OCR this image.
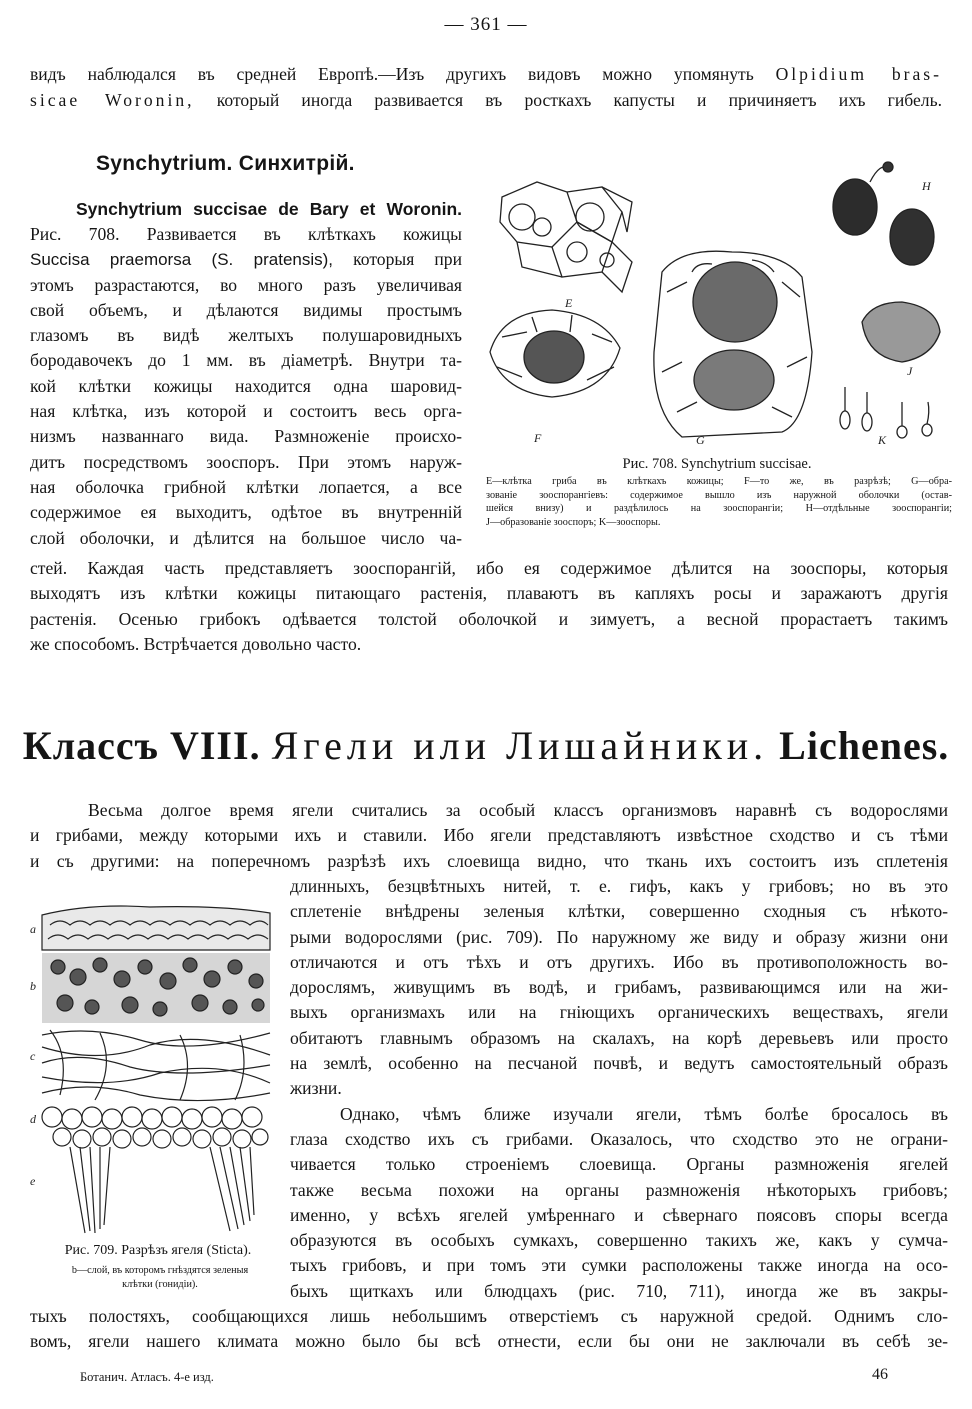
— 361 —
видъ наблюдался въ средней Европѣ.—Изъ другихъ видовъ можно упомянуть Olpidium bras-
sicae Woronin, который иногда развивается въ росткахъ капусты и причиняетъ ихъ гибель.
Synchytrium. Синхитрій.
Synchytrium succisae de Bary et Woronin.
Рис. 708. Развивается въ клѣткахъ кожицы
Succisa praemorsa (S. pratensis), которыя при
этомъ разрастаются, во много разъ увеличивая
свой объемъ, и дѣлаются видимы простымъ
глазомъ въ видѣ желтыхъ полушаровидныхъ
бородавочекъ до 1 мм. въ діаметрѣ. Внутри та-
кой клѣтки кожицы находится одна шаровид-
ная клѣтка, изъ которой и состоитъ весь орга-
низмъ названнаго вида. Размноженіе происхо-
дитъ посредствомъ зооспоръ. При этомъ наруж-
ная оболочка грибной клѣтки лопается, а все
содержимое ея выходитъ, одѣтое въ внутренній
слой оболочки, и дѣлится на большое число ча-
стей. Каждая часть представляетъ зооспорангій, ибо ея содержимое дѣлится на зооспоры, которыя
выходятъ изъ клѣтки кожицы питающаго растенія, плаваютъ въ капляхъ росы и заражаютъ другія
растенія. Осенью грибокъ одѣвается толстой оболочкой и зимуетъ, а весной прорастаетъ такимъ
же способомъ. Встрѣчается довольно часто.
E
F	G
H
J
K
Рис. 708. Synchytrium succisae.
E—клѣтка гриба въ клѣткахъ кожицы; F—то же, въ разрѣзѣ; G—обра-
зованіе зооспорангіевъ: содержимое вышло изъ наружной оболочки (остав-
шейся внизу) и раздѣлилось на зооспорангіи; H—отдѣльные зооспорангіи;
J—образованіе зооспоръ; K—зооспоры.
Классъ VIII. Ягели или Лишайники. Lichenes.
Весьма долгое время ягели считались за особый классъ организмовъ наравнѣ съ водорослями
и грибами, между которыми ихъ и ставили. Ибо ягели представляютъ извѣстное сходство и съ тѣми
и съ другими: на поперечномъ разрѣзѣ ихъ слоевища видно, что ткань ихъ состоитъ изъ сплетенія
длинныхъ, безцвѣтныхъ нитей, т. е. гифъ, какъ у грибовъ; но въ это
сплетеніе внѣдрены зеленыя клѣтки, совершенно сходныя съ нѣкото-
рыми водорослями (рис. 709). По наружному же виду и образу жизни они
отличаются и отъ тѣхъ и отъ другихъ. Ибо въ противоположность во-
дорослямъ, живущимъ въ водѣ, и грибамъ, развивающимся или на жи-
выхъ организмахъ или на гніющихъ органическихъ веществахъ, ягели
обитаютъ главнымъ образомъ на скалахъ, на корѣ деревьевъ или просто
на землѣ, особенно на песчаной почвѣ, и ведутъ самостоятельный образъ
жизни.
Однако, чѣмъ ближе изучали ягели, тѣмъ болѣе бросалось въ
глаза сходство ихъ съ грибами. Оказалось, что сходство это не ограни-
чивается только строеніемъ слоевища. Органы размноженія ягелей
также весьма похожи на органы размноженія нѣкоторыхъ грибовъ;
именно, у всѣхъ ягелей умѣреннаго и сѣвернаго поясовъ споры всегда
образуются въ особыхъ сумкахъ, совершенно такихъ же, какъ у сумча-
тыхъ грибовъ, и при томъ эти сумки расположены также иногда на осо-
быхъ щиткахъ или блюдцахъ (рис. 710, 711), иногда же въ закры-
тыхъ полостяхъ, сообщающихся лишь небольшимъ отверстіемъ съ наружной средой. Однимъ сло-
вомъ, ягели нашего климата можно было бы всѣ отнести, если бы они не заключали въ себѣ зе-
a
b
c
d
e
Рис. 709. Разрѣзъ ягеля (Sticta).
b—слой, въ которомъ гнѣздятся зеленыя
клѣтки (гонидіи).
Ботанич. Атласъ. 4-е изд.	46
